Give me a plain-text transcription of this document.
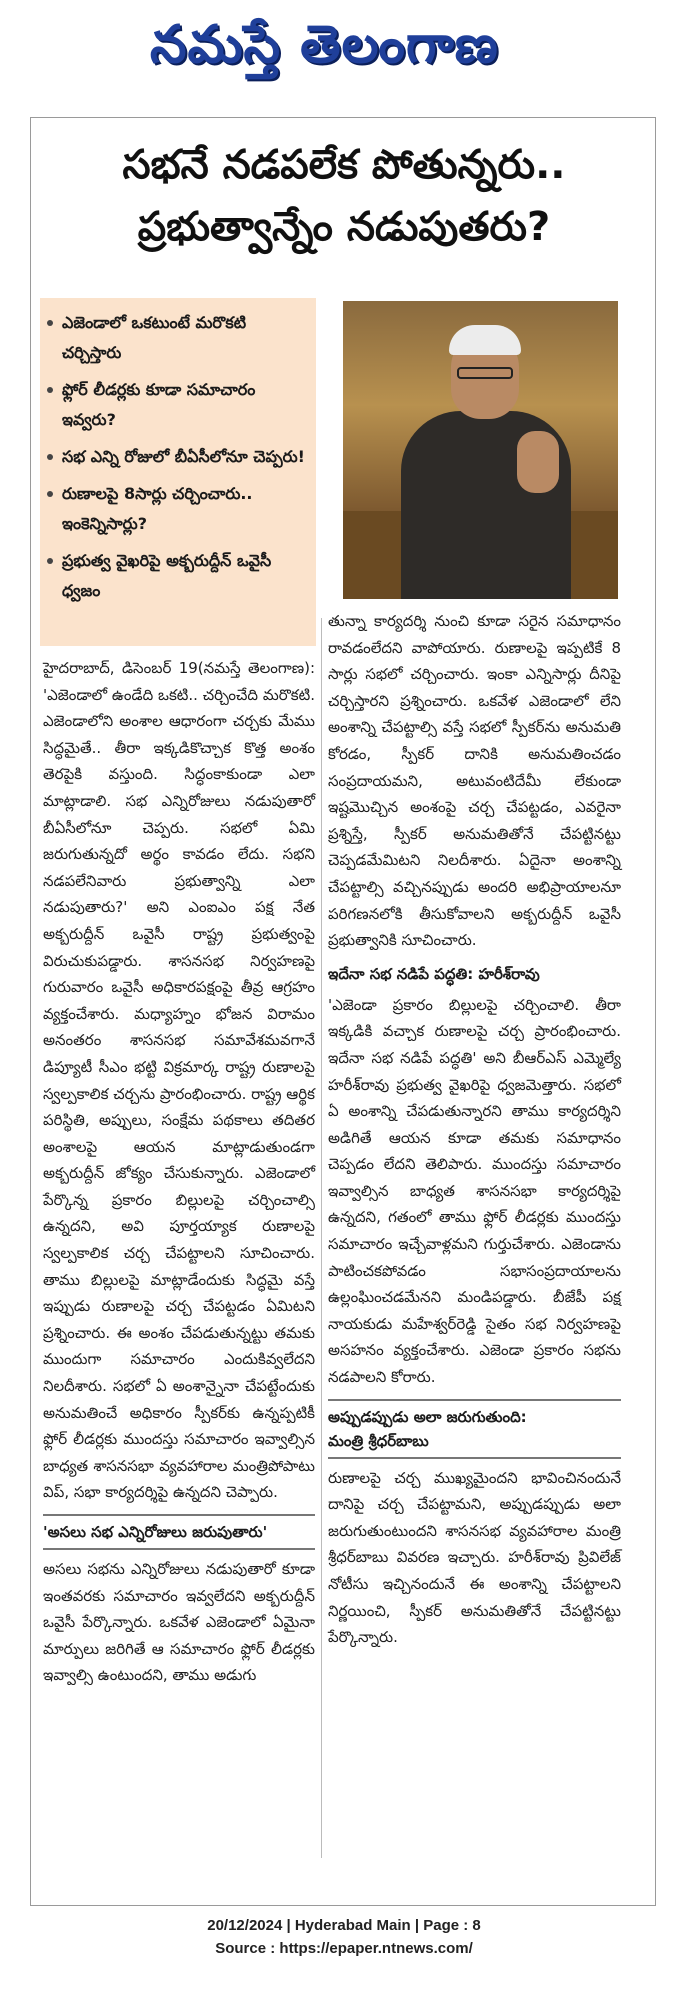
నమస్తే తెలంగాణ
సభనే నడపలేక పోతున్నరు..
ప్రభుత్వాన్నేం నడుపుతరు?
ఎజెండాలో ఒకటుంటే మరొకటి చర్చిస్తారు
ఫ్లోర్ లీడర్లకు కూడా సమాచారం ఇవ్వరు?
సభ ఎన్ని రోజులో బీఏసీలోనూ చెప్పరు!
రుణాలపై 8సార్లు చర్చించారు.. ఇంకెన్నిసార్లు?
ప్రభుత్వ వైఖరిపై అక్బరుద్దీన్ ఒవైసీ ధ్వజం

హైదరాబాద్, డిసెంబర్ 19(నమస్తే తెలంగాణ): 'ఎజెండాలో ఉండేది ఒకటి.. చర్చించేది మరొకటి. ఎజెండాలోని అంశాల ఆధారంగా చర్చకు మేము సిద్ధమైతే.. తీరా ఇక్కడికొచ్చాక కొత్త అంశం తెరపైకి వస్తుంది. సిద్ధంకాకుండా ఎలా మాట్లాడాలి. సభ ఎన్నిరోజులు నడుపుతారో బీఏసీలోనూ చెప్పరు. సభలో ఏమి జరుగుతున్నదో అర్థం కావడం లేదు. సభని నడపలేనివారు ప్రభుత్వాన్ని ఎలా నడుపుతారు?' అని ఎంఐఎం పక్ష నేత అక్బరుద్దీన్ ఒవైసీ రాష్ట్ర ప్రభుత్వంపై విరుచుకుపడ్డారు. శాసనసభ నిర్వహణపై గురువారం ఒవైసీ అధికారపక్షంపై తీవ్ర ఆగ్రహం వ్యక్తంచేశారు. మధ్యాహ్నం భోజన విరామం అనంతరం శాసనసభ సమావేశమవగానే డిప్యూటీ సీఎం భట్టి విక్రమార్క రాష్ట్ర రుణాలపై స్వల్పకాలిక చర్చను ప్రారంభించారు. రాష్ట్ర ఆర్థిక పరిస్థితి, అప్పులు, సంక్షేమ పథకాలు తదితర అంశాలపై ఆయన మాట్లాడుతుండగా అక్బరుద్దీన్ జోక్యం చేసుకున్నారు. ఎజెండాలో పేర్కొన్న ప్రకారం బిల్లులపై చర్చించాల్సి ఉన్నదని, అవి పూర్తయ్యాక రుణాలపై స్వల్పకాలిక చర్చ చేపట్టాలని సూచించారు. తాము బిల్లులపై మాట్లాడేందుకు సిద్ధమై వస్తే ఇప్పుడు రుణాలపై చర్చ చేపట్టడం ఏమిటని ప్రశ్నించారు. ఈ అంశం చేపడుతున్నట్టు తమకు ముందుగా సమాచారం ఎందుకివ్వలేదని నిలదీశారు. సభలో ఏ అంశాన్నైనా చేపట్టేందుకు అనుమతించే అధికారం స్పీకర్‌కు ఉన్నప్పటికీ ఫ్లోర్ లీడర్లకు ముందస్తు సమాచారం ఇవ్వాల్సిన బాధ్యత శాసనసభా వ్యవహారాల మంత్రిపోపాటు విప్, సభా కార్యదర్శిపై ఉన్నదని చెప్పారు.

'అసలు సభ ఎన్నిరోజులు జరుపుతారు'

అసలు సభను ఎన్నిరోజులు నడుపుతారో కూడా ఇంతవరకు సమాచారం ఇవ్వలేదని అక్బరుద్దీన్ ఒవైసీ పేర్కొన్నారు. ఒకవేళ ఎజెండాలో ఏమైనా మార్పులు జరిగితే ఆ సమాచారం ఫ్లోర్ లీడర్లకు ఇవ్వాల్సి ఉంటుందని, తాము అడుగు

తున్నా కార్యదర్శి నుంచి కూడా సరైన సమాధానం రావడంలేదని వాపోయారు. రుణాలపై ఇప్పటికే 8 సార్లు సభలో చర్చించారు. ఇంకా ఎన్నిసార్లు దీనిపై చర్చిస్తారని ప్రశ్నించారు. ఒకవేళ ఎజెండాలో లేని అంశాన్ని చేపట్టాల్సి వస్తే సభలో స్పీకర్‌ను అనుమతి కోరడం, స్పీకర్ దానికి అనుమతించడం సంప్రదాయమని, అటువంటిదేమీ లేకుండా ఇష్టమొచ్చిన అంశంపై చర్చ చేపట్టడం, ఎవరైనా ప్రశ్నిస్తే, స్పీకర్ అనుమతితోనే చేపట్టినట్టు చెప్పడమేమిటని నిలదీశారు. ఏదైనా అంశాన్ని చేపట్టాల్సి వచ్చినప్పుడు అందరి అభిప్రాయాలనూ పరిగణనలోకి తీసుకోవాలని అక్బరుద్దీన్ ఒవైసీ ప్రభుత్వానికి సూచించారు.

ఇదేనా సభ నడిపే పద్ధతి: హరీశ్‌రావు

'ఎజెండా ప్రకారం బిల్లులపై చర్చించాలి. తీరా ఇక్కడికి వచ్చాక రుణాలపై చర్చ ప్రారంభించారు. ఇదేనా సభ నడిపే పద్ధతి' అని బీఆర్‌ఎస్ ఎమ్మెల్యే హరీశ్‌రావు ప్రభుత్వ వైఖరిపై ధ్వజమెత్తారు. సభలో ఏ అంశాన్ని చేపడుతున్నారని తాము కార్యదర్శిని అడిగితే ఆయన కూడా తమకు సమాధానం చెప్పడం లేదని తెలిపారు. ముందస్తు సమాచారం ఇవ్వాల్సిన బాధ్యత శాసనసభా కార్యదర్శిపై ఉన్నదని, గతంలో తాము ఫ్లోర్ లీడర్లకు ముందస్తు సమాచారం ఇచ్చేవాళ్లమని గుర్తుచేశారు. ఎజెండాను పాటించకపోవడం సభాసంప్రదాయాలను ఉల్లంఘించడమేనని మండిపడ్డారు. బీజేపీ పక్ష నాయకుడు మహేశ్వర్‌రెడ్డి సైతం సభ నిర్వహణపై అసహనం వ్యక్తంచేశారు. ఎజెండా ప్రకారం సభను నడపాలని కోరారు.

అప్పుడప్పుడు అలా జరుగుతుంది:
మంత్రి శ్రీధర్‌బాబు

రుణాలపై చర్చ ముఖ్యమైందని భావించినందునే దానిపై చర్చ చేపట్టామని, అప్పుడప్పుడు అలా జరుగుతుంటుందని శాసనసభ వ్యవహారాల మంత్రి శ్రీధర్‌బాబు వివరణ ఇచ్చారు. హరీశ్‌రావు ప్రివిలేజ్ నోటీసు ఇచ్చినందునే ఈ అంశాన్ని చేపట్టాలని నిర్ణయించి, స్పీకర్ అనుమతితోనే చేపట్టినట్టు పేర్కొన్నారు.

20/12/2024 | Hyderabad Main | Page : 8
Source : https://epaper.ntnews.com/
